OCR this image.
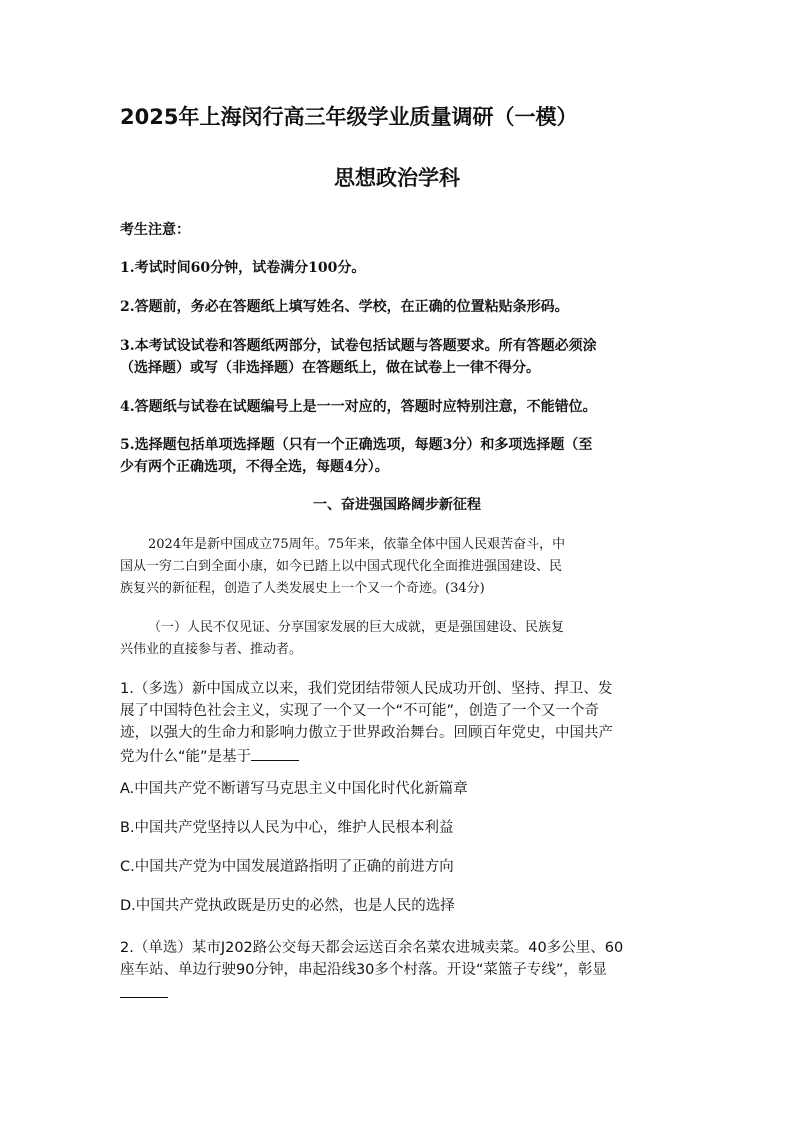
2025年上海闵行高三年级学业质量调研（一模）
思想政治学科
考生注意：
1.考试时间60分钟，试卷满分100分。
2.答题前，务必在答题纸上填写姓名、学校，在正确的位置粘贴条形码。
3.本考试设试卷和答题纸两部分，试卷包括试题与答题要求。所有答题必须涂
（选择题）或写（非选择题）在答题纸上，做在试卷上一律不得分。
4.答题纸与试卷在试题编号上是一一对应的，答题时应特别注意，不能错位。
5.选择题包括单项选择题（只有一个正确选项，每题3分）和多项选择题（至
少有两个正确选项，不得全选，每题4分）。
一、奋进强国路阔步新征程
2024年是新中国成立75周年。75年来，依靠全体中国人民艰苦奋斗，中
国从一穷二白到全面小康，如今已踏上以中国式现代化全面推进强国建设、民
族复兴的新征程，创造了人类发展史上一个又一个奇迹。(34分)
（一）人民不仅见证、分享国家发展的巨大成就，更是强国建设、民族复
兴伟业的直接参与者、推动者。
1.（多选）新中国成立以来，我们党团结带领人民成功开创、坚持、捍卫、发
展了中国特色社会主义，实现了一个又一个“不可能”，创造了一个又一个奇
迹，以强大的生命力和影响力傲立于世界政治舞台。回顾百年党史，中国共产
党为什么“能”是基于
A.中国共产党不断谱写马克思主义中国化时代化新篇章
B.中国共产党坚持以人民为中心，维护人民根本利益
C.中国共产党为中国发展道路指明了正确的前进方向
D.中国共产党执政既是历史的必然，也是人民的选择
2.（单选）某市J202路公交每天都会运送百余名菜农进城卖菜。40多公里、60
座车站、单边行驶90分钟，串起沿线30多个村落。开设“菜篮子专线”，彰显
